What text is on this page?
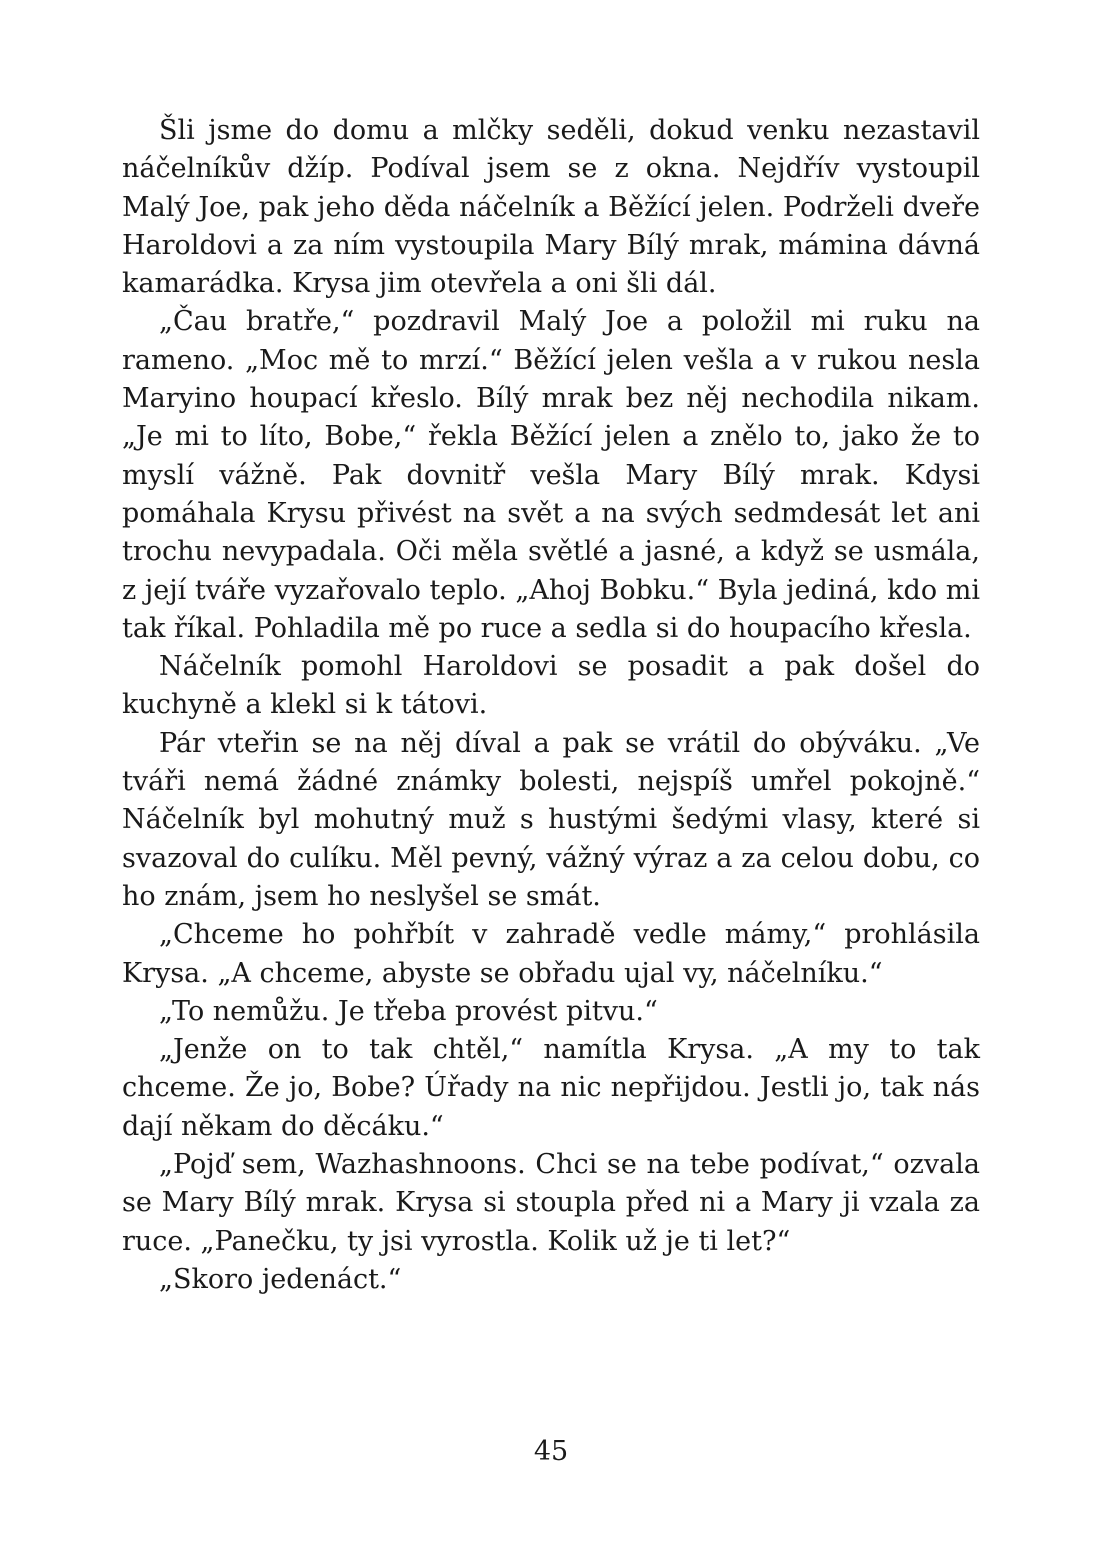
Šli jsme do domu a mlčky seděli, dokud venku nezastavil náčelníkův džíp. Podíval jsem se z okna. Nejdřív vystoupil Malý Joe, pak jeho děda náčelník a Běžící jelen. Podrželi dveře Haroldovi a za ním vystoupila Mary Bílý mrak, mámina dávná kamarádka. Krysa jim otevřela a oni šli dál.

„Čau bratře,“ pozdravil Malý Joe a položil mi ruku na rameno. „Moc mě to mrzí.“ Běžící jelen vešla a v rukou nesla Maryino houpací křeslo. Bílý mrak bez něj nechodila nikam. „Je mi to líto, Bobe,“ řekla Běžící jelen a znělo to, jako že to myslí vážně. Pak dovnitř vešla Mary Bílý mrak. Kdysi pomáhala Krysu přivést na svět a na svých sedmdesát let ani trochu nevypadala. Oči měla světlé a jasné, a když se usmála, z její tváře vyzařovalo teplo. „Ahoj Bobku.“ Byla jediná, kdo mi tak říkal. Pohladila mě po ruce a sedla si do houpacího křesla.

Náčelník pomohl Haroldovi se posadit a pak došel do kuchyně a klekl si k tátovi.

Pár vteřin se na něj díval a pak se vrátil do obýváku. „Ve tváři nemá žádné známky bolesti, nejspíš umřel pokojně.“ Náčelník byl mohutný muž s hustými šedými vlasy, které si svazoval do culíku. Měl pevný, vážný výraz a za celou dobu, co ho znám, jsem ho neslyšel se smát.

„Chceme ho pohřbít v zahradě vedle mámy,“ prohlásila Krysa. „A chceme, abyste se obřadu ujal vy, náčelníku.“

„To nemůžu. Je třeba provést pitvu.“

„Jenže on to tak chtěl,“ namítla Krysa. „A my to tak chceme. Že jo, Bobe? Úřady na nic nepřijdou. Jestli jo, tak nás dají někam do děcáku.“

„Pojď sem, Wazhashnoons. Chci se na tebe podívat,“ ozvala se Mary Bílý mrak. Krysa si stoupla před ni a Mary ji vzala za ruce. „Panečku, ty jsi vyrostla. Kolik už je ti let?“

„Skoro jedenáct.“

45
